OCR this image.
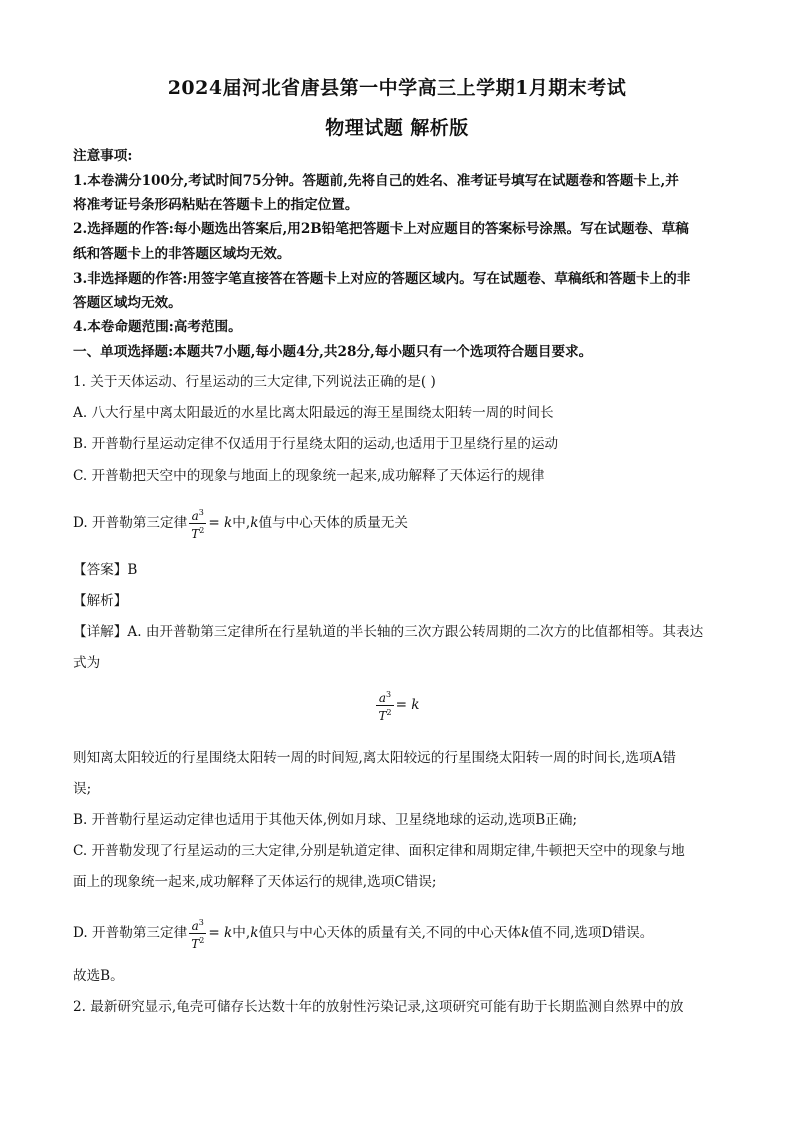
2024届河北省唐县第一中学高三上学期1月期末考试
物理试题 解析版
注意事项:
1.本卷满分100分,考试时间75分钟。答题前,先将自己的姓名、准考证号填写在试题卷和答题卡上,并
将准考证号条形码粘贴在答题卡上的指定位置。
2.选择题的作答:每小题选出答案后,用2B铅笔把答题卡上对应题目的答案标号涂黑。写在试题卷、草稿
纸和答题卡上的非答题区域均无效。
3.非选择题的作答:用签字笔直接答在答题卡上对应的答题区域内。写在试题卷、草稿纸和答题卡上的非
答题区域均无效。
4.本卷命题范围:高考范围。
一、单项选择题:本题共7小题,每小题4分,共28分,每小题只有一个选项符合题目要求。
1. 关于天体运动、行星运动的三大定律,下列说法正确的是( )
A. 八大行星中离太阳最近的水星比离太阳最远的海王星围绕太阳转一周的时间长
B. 开普勒行星运动定律不仅适用于行星绕太阳的运动,也适用于卫星绕行星的运动
C. 开普勒把天空中的现象与地面上的现象统一起来,成功解释了天体运行的规律
D. 开普勒第三定律 $\frac{a^3}{T^2} = k$中,k值与中心天体的质量无关
【答案】B
【解析】
【详解】A. 由开普勒第三定律所在行星轨道的半长轴的三次方跟公转周期的二次方的比值都相等。其表达
式为
$\frac{a^3}{T^2} = k$
则知离太阳较近的行星围绕太阳转一周的时间短,离太阳较远的行星围绕太阳转一周的时间长,选项A错
误;
B. 开普勒行星运动定律也适用于其他天体,例如月球、卫星绕地球的运动,选项B正确;
C. 开普勒发现了行星运动的三大定律,分别是轨道定律、面积定律和周期定律,牛顿把天空中的现象与地
面上的现象统一起来,成功解释了天体运行的规律,选项C错误;
D. 开普勒第三定律 $\frac{a^3}{T^2} = k$中,k值只与中心天体的质量有关,不同的中心天体k值不同,选项D错误。
故选B。
2. 最新研究显示,龟壳可储存长达数十年的放射性污染记录,这项研究可能有助于长期监测自然界中的放
